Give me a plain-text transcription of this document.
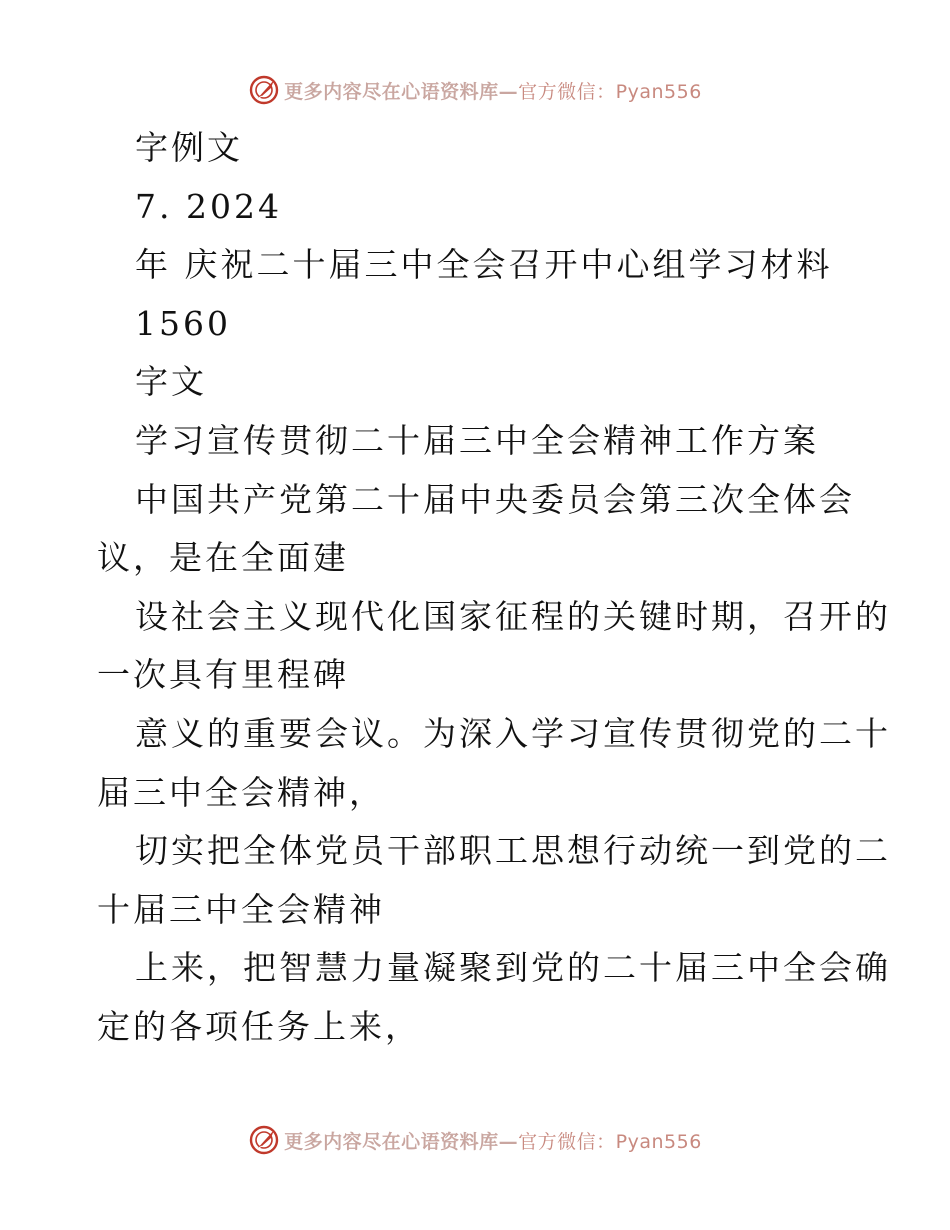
更多内容尽在心语资料库—官方微信：Pyan556
字例文
7. 2024
年 庆祝二十届三中全会召开中心组学习材料
1560
字文
学习宣传贯彻二十届三中全会精神工作方案
中国共产党第二十届中央委员会第三次全体会
议，是在全面建
设社会主义现代化国家征程的关键时期，召开的
一次具有里程碑
意义的重要会议。为深入学习宣传贯彻党的二十
届三中全会精神，
切实把全体党员干部职工思想行动统一到党的二
十届三中全会精神
上来，把智慧力量凝聚到党的二十届三中全会确
定的各项任务上来，
更多内容尽在心语资料库—官方微信：Pyan556
